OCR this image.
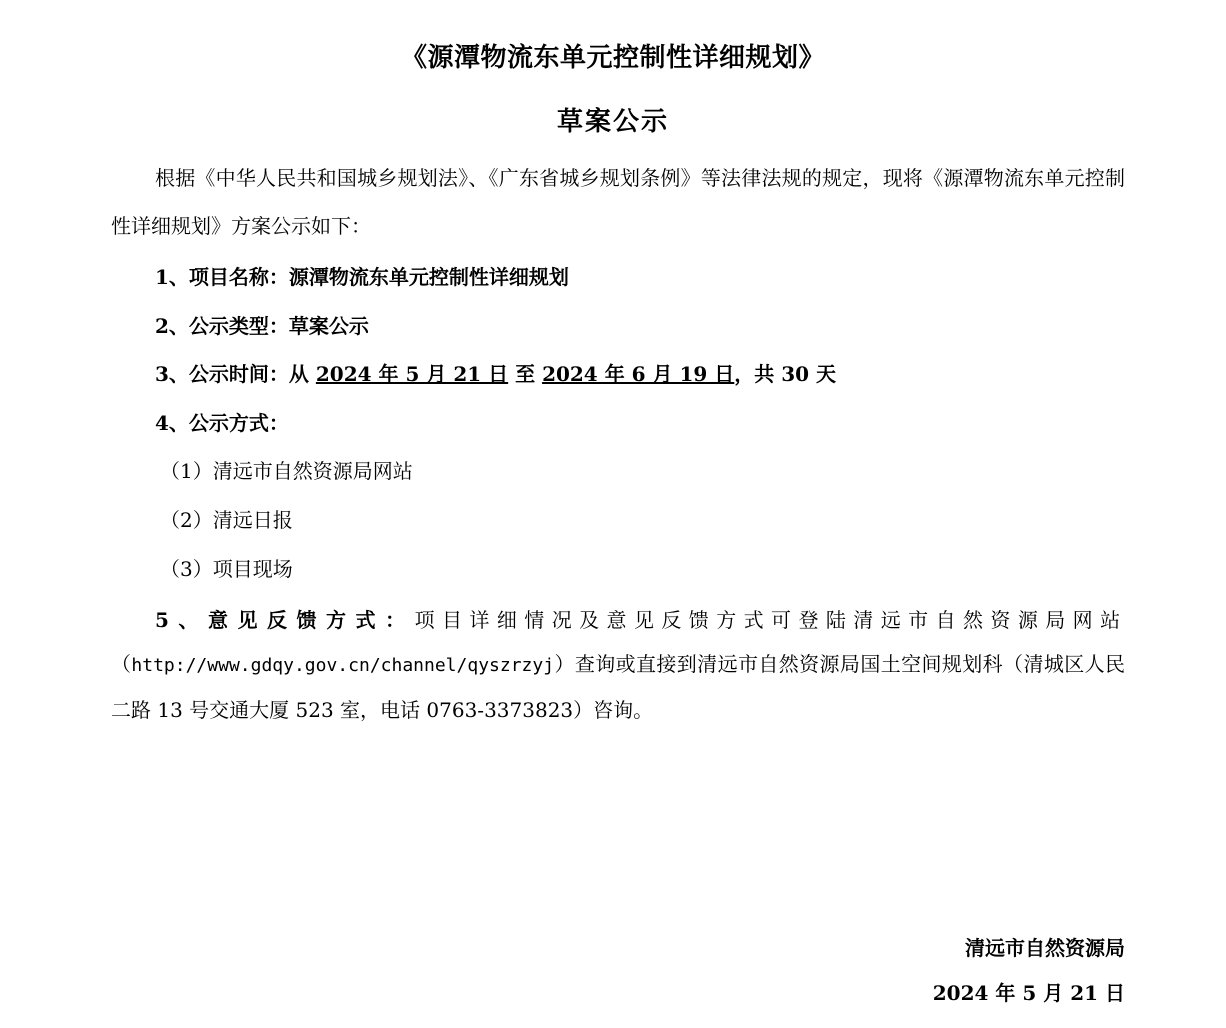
《源潭物流东单元控制性详细规划》
草案公示
根据《中华人民共和国城乡规划法》、《广东省城乡规划条例》等法律法规的规定，现将《源潭物流东单元控制性详细规划》方案公示如下：
1、项目名称：源潭物流东单元控制性详细规划
2、公示类型：草案公示
3、公示时间：从 2024 年 5 月 21 日 至 2024 年 6 月 19 日，共 30 天
4、公示方式：
（1）清远市自然资源局网站
（2）清远日报
（3）项目现场
5、意见反馈方式：项目详细情况及意见反馈方式可登陆清远市自然资源局网站（http://www.gdqy.gov.cn/channel/qyszrzyj）查询或直接到清远市自然资源局国土空间规划科（清城区人民二路 13 号交通大厦 523 室，电话 0763-3373823）咨询。
清远市自然资源局
2024 年 5 月 21 日
